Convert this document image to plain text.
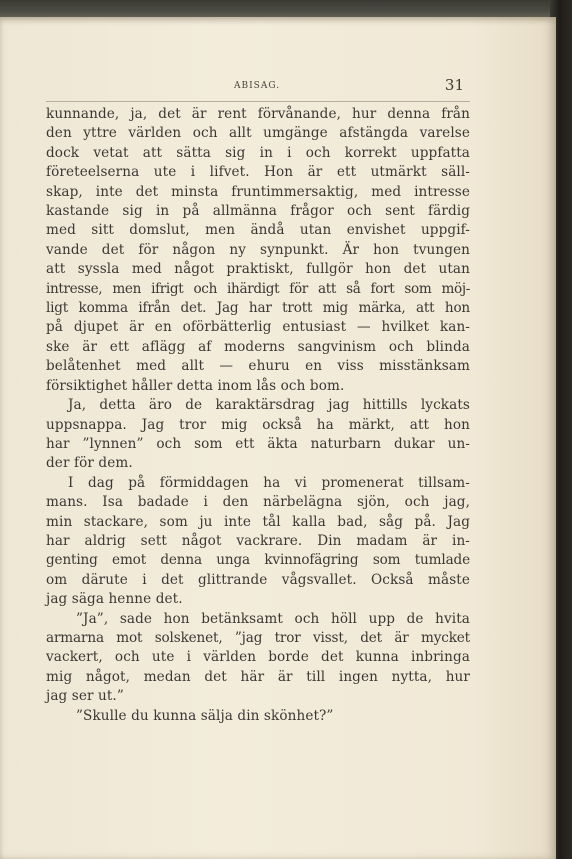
ABISAG.	31
kunnande, ja, det är rent förvånande, hur denna från
den yttre världen och allt umgänge afstängda varelse
dock vetat att sätta sig in i och korrekt uppfatta
företeelserna ute i lifvet. Hon är ett utmärkt säll-
skap, inte det minsta fruntimmersaktig, med intresse
kastande sig in på allmänna frågor och sent färdig
med sitt domslut, men ändå utan envishet uppgif-
vande det för någon ny synpunkt. Är hon tvungen
att syssla med något praktiskt, fullgör hon det utan
intresse, men ifrigt och ihärdigt för att så fort som möj-
ligt komma ifrån det. Jag har trott mig märka, att hon
på djupet är en oförbätterlig entusiast — hvilket kan-
ske är ett aflägg af moderns sangvinism och blinda
belåtenhet med allt — ehuru en viss misstänksam
försiktighet håller detta inom lås och bom.
Ja, detta äro de karaktärsdrag jag hittills lyckats
uppsnappa. Jag tror mig också ha märkt, att hon
har ”lynnen” och som ett äkta naturbarn dukar un-
der för dem.
I dag på förmiddagen ha vi promenerat tillsam-
mans. Isa badade i den närbelägna sjön, och jag,
min stackare, som ju inte tål kalla bad, såg på. Jag
har aldrig sett något vackrare. Din madam är in-
genting emot denna unga kvinnofägring som tumlade
om därute i det glittrande vågsvallet. Också måste
jag säga henne det.
”Ja”, sade hon betänksamt och höll upp de hvita
armarna mot solskenet, ”jag tror visst, det är mycket
vackert, och ute i världen borde det kunna inbringa
mig något, medan det här är till ingen nytta, hur
jag ser ut.”
”Skulle du kunna sälja din skönhet?”
